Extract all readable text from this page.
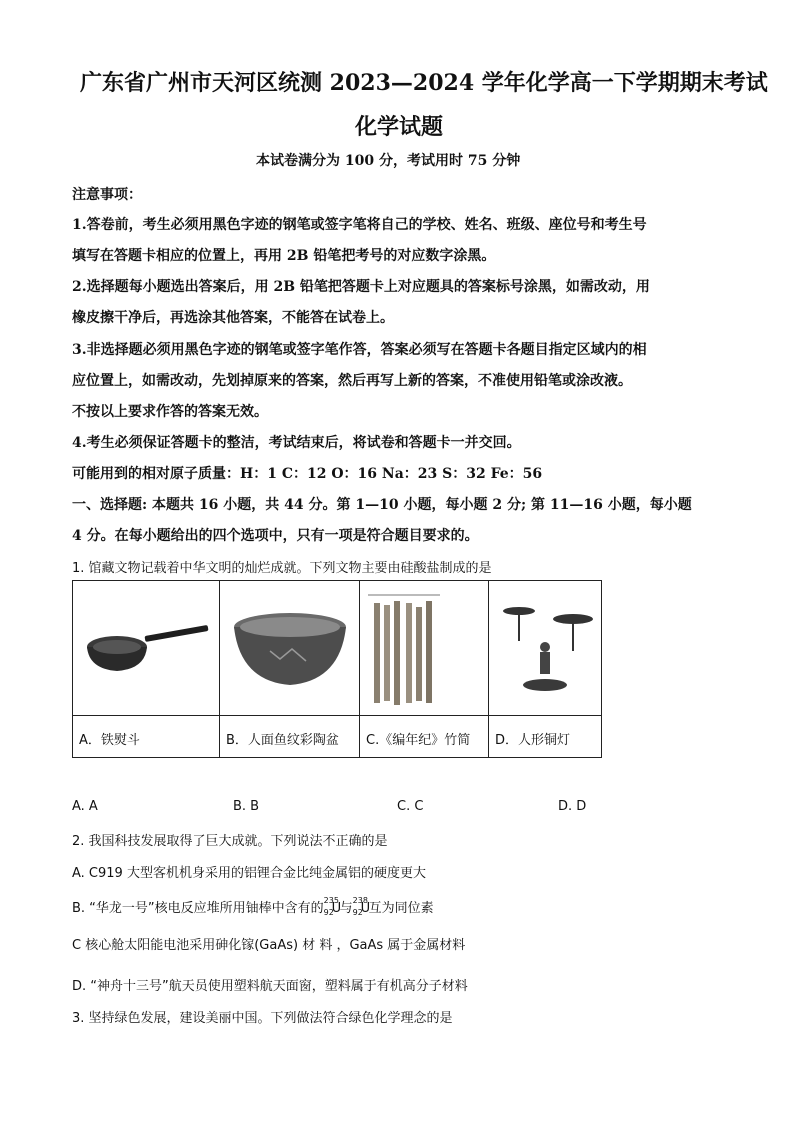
广东省广州市天河区统测 2023—2024 学年化学高一下学期期末考试
化学试题
本试卷满分为 100 分，考试用时 75 分钟
注意事项：
1.答卷前，考生必须用黑色字迹的钢笔或签字笔将自己的学校、姓名、班级、座位号和考生号
填写在答题卡相应的位置上，再用 2B 铅笔把考号的对应数字涂黑。
2.选择题每小题选出答案后，用 2B 铅笔把答题卡上对应题具的答案标号涂黑，如需改动，用
橡皮擦干净后，再选涂其他答案，不能答在试卷上。
3.非选择题必须用黑色字迹的钢笔或签字笔作答，答案必须写在答题卡各题目指定区域内的相
应位置上，如需改动，先划掉原来的答案，然后再写上新的答案，不准使用铅笔或涂改液。
不按以上要求作答的答案无效。
4.考生必须保证答题卡的整洁，考试结束后，将试卷和答题卡一并交回。
可能用到的相对原子质量：H：1 C：12 O：16 Na：23 S：32 Fe：56
一、选择题: 本题共 16 小题，共 44 分。第 1—10 小题，每小题 2 分; 第 11—16 小题，每小题
4 分。在每小题给出的四个选项中，只有一项是符合题目要求的。
1. 馆藏文物记载着中华文明的灿烂成就。下列文物主要由硅酸盐制成的是
A．铁熨斗	B．人面鱼纹彩陶盆 C.《编年纪》竹简 D．人形铜灯
A. A	B. B	C. C	D. D
2. 我国科技发展取得了巨大成就。下列说法不正确的是
A. C919 大型客机机身采用的铝锂合金比纯金属铝的硬度更大
B. “华龙一号”核电反应堆所用铀棒中含有的
235
92
U
与
238
92
U
互为同位素
C 核心舱太阳能电池采用砷化镓(GaAs) 材 料 ，GaAs 属于金属材料
D. “神舟十三号”航天员使用塑料航天面窗，塑料属于有机高分子材料
3. 坚持绿色发展，建设美丽中国。下列做法符合绿色化学理念的是
